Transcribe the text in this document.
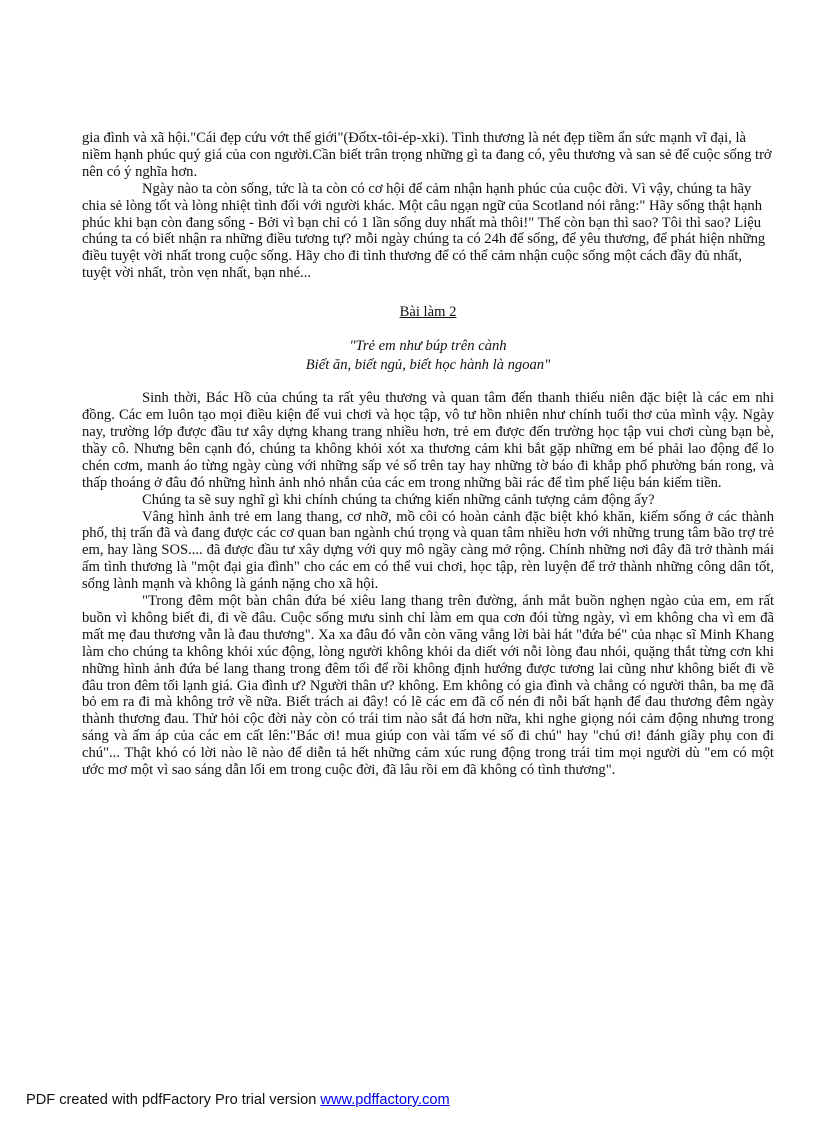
gia đình và xã hội."Cái đẹp cứu vớt thế giới"(Đốtx-tôi-ép-xki). Tình thương là nét đẹp tiềm ẩn sức mạnh vĩ đại, là niềm hạnh phúc quý giá của con người.Cần biết trân trọng những gì ta đang có, yêu thương và san sẻ để cuộc sống trở nên có ý nghĩa hơn.

Ngày nào ta còn sống, tức là ta còn có cơ hội để cảm nhận hạnh phúc của cuộc đời. Vì vậy, chúng ta hãy chia sẻ lòng tốt và lòng nhiệt tình đối với người khác. Một câu ngạn ngữ của Scotland nói rằng:" Hãy sống thật hạnh phúc khi bạn còn đang sống - Bởi vì bạn chỉ có 1 lần sống duy nhất mà thôi!" Thế còn bạn thì sao? Tôi thì sao? Liệu chúng ta có biết nhận ra những điều tương tự? mỗi ngày chúng ta có 24h để sống, để yêu thương, để phát hiện những điều tuyệt vời nhất trong cuộc sống. Hãy cho đi tình thương để có thể cảm nhận cuộc sống một cách đầy đủ nhất, tuyệt vời nhất, tròn vẹn nhất, bạn nhé...

Bài làm 2

"Trẻ em như búp trên cành

Biết ăn, biết ngủ, biết học hành là ngoan"

Sinh thời, Bác Hồ của chúng ta rất yêu thương và quan tâm đến thanh thiếu niên đặc biệt là các em nhi đồng. Các em luôn tạo mọi điều kiện để vui chơi và học tập, vô tư hồn nhiên như chính tuổi thơ của mình vậy. Ngày nay, trường lớp được đầu tư xây dựng khang trang nhiều hơn, trẻ em được đến trường học tập vui chơi cùng bạn bè, thầy cô. Nhưng bên cạnh đó, chúng ta không khỏi xót xa thương cảm khi bắt gặp những em bé phải lao động để lo chén cơm, manh áo từng ngày cùng với những sấp vé số trên tay hay những tờ báo đi khắp phố phường bán rong, và thấp thoáng ở đâu đó những hình ảnh nhỏ nhắn của các em trong những bãi rác để tìm phế liệu bán kiếm tiền.

Chúng ta sẽ suy nghĩ gì khi chính chúng ta chứng kiến những cảnh tượng cảm động ấy?

Vâng hình ảnh trẻ em lang thang, cơ nhỡ, mồ côi có hoàn cảnh đặc biệt khó khăn, kiếm sống ở các thành phố, thị trấn đã và đang được các cơ quan ban ngành chú trọng và quan tâm nhiều hơn với những trung tâm bão trợ trẻ em, hay làng SOS.... đã được đầu tư xây dựng với quy mô ngầy càng mở rộng. Chính những nơi đây đã trở thành mái ấm tình thương là "một đại gia đình" cho các em có thể vui chơi, học tập, rèn luyện để trở thành những công dân tốt, sống lành mạnh và không là gánh nặng cho xã hội.

"Trong đêm một bàn chân đứa bé xiêu lang thang trên đường, ánh mắt buồn nghẹn ngào của em, em rất buồn vì không biết đi, đi về đâu. Cuộc sống mưu sinh chỉ làm em qua cơn đói từng ngày, vì em không cha vì em đã mất mẹ đau thương vẫn là đau thương". Xa xa đâu đó vẫn còn văng vẳng lời bài hát "đứa bé" của nhạc sĩ Minh Khang làm cho chúng ta không khỏi xúc động, lòng người không khỏi da diết với nỗi lòng đau nhói, quặng thắt từng cơn khi những hình ảnh đứa bé lang thang trong đêm tối để rồi không định hướng được tương lai cũng như không biết đi về đâu tron đêm tối lạnh giá. Gia đình ư? Người thân ư? không. Em không có gia đình và chẳng có người thân, ba mẹ đã bỏ em ra đi mà không trở về nữa. Biết trách ai đây! có lẽ các em đã cố nén đi nỗi bất hạnh để đau thương đêm ngày thành thương đau. Thử hỏi cộc đời này còn có trái tim nào sắt đá hơn nữa, khi nghe giọng nói cảm động nhưng trong sáng và ấm áp của các em cất lên:"Bác ơi! mua giúp con vài tấm vé số đi chú" hay "chú ơi! đánh giầy phụ con đi chú"... Thật khó có lời nào lẽ nào để diễn tả hết những cảm xúc rung động trong trái tim mọi người dù "em có một ước mơ một vì sao sáng dẫn lối em trong cuộc đời, đã lâu rồi em đã không có tình thương".

PDF created with pdfFactory Pro trial version www.pdffactory.com
